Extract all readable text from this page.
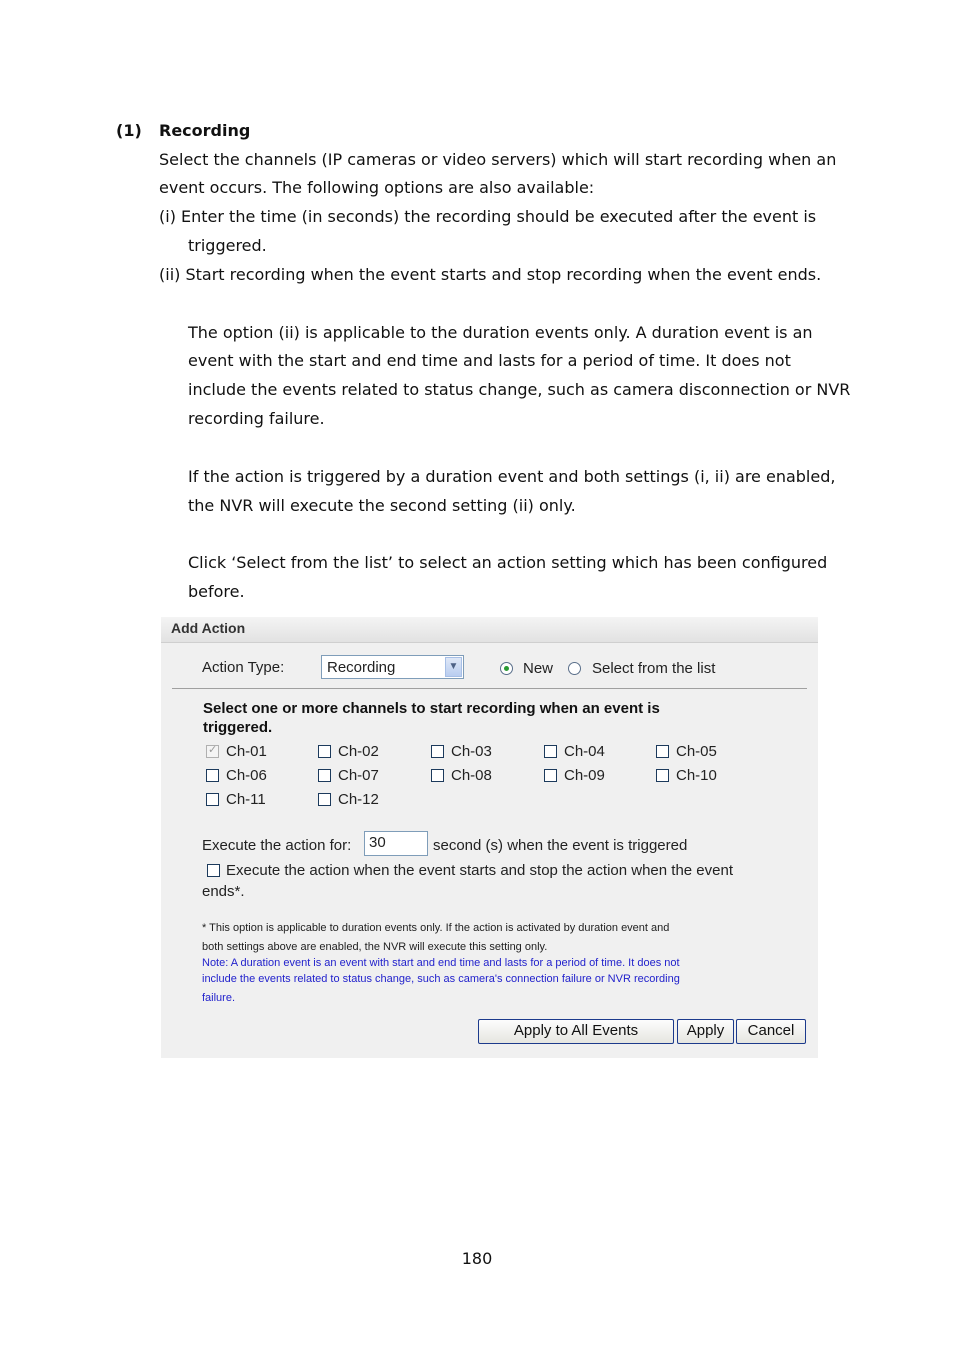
(1) Recording
Select the channels (IP cameras or video servers) which will start recording when an
event occurs. The following options are also available:
(i) Enter the time (in seconds) the recording should be executed after the event is
triggered.
(ii) Start recording when the event starts and stop recording when the event ends.
The option (ii) is applicable to the duration events only. A duration event is an
event with the start and end time and lasts for a period of time. It does not
include the events related to status change, such as camera disconnection or NVR
recording failure.
If the action is triggered by a duration event and both settings (i, ii) are enabled,
the NVR will execute the second setting (ii) only.
Click ‘Select from the list’ to select an action setting which has been configured
before.
Add Action
Action Type:	Recording	▼	New	Select from the list
Select one or more channels to start recording when an event is
triggered.
✓
Ch-01	Ch-02	Ch-03	Ch-04	Ch-05
Ch-06	Ch-07	Ch-08	Ch-09	Ch-10
Ch-11	Ch-12
Execute the action for: 30	second (s) when the event is triggered
Execute the action when the event starts and stop the action when the event
ends*.
* This option is applicable to duration events only. If the action is activated by duration event and
both settings above are enabled, the NVR will execute this setting only.
Note: A duration event is an event with start and end time and lasts for a period of time. It does not
include the events related to status change, such as camera's connection failure or NVR recording
failure.
Apply to All Events	Apply	Cancel
180
